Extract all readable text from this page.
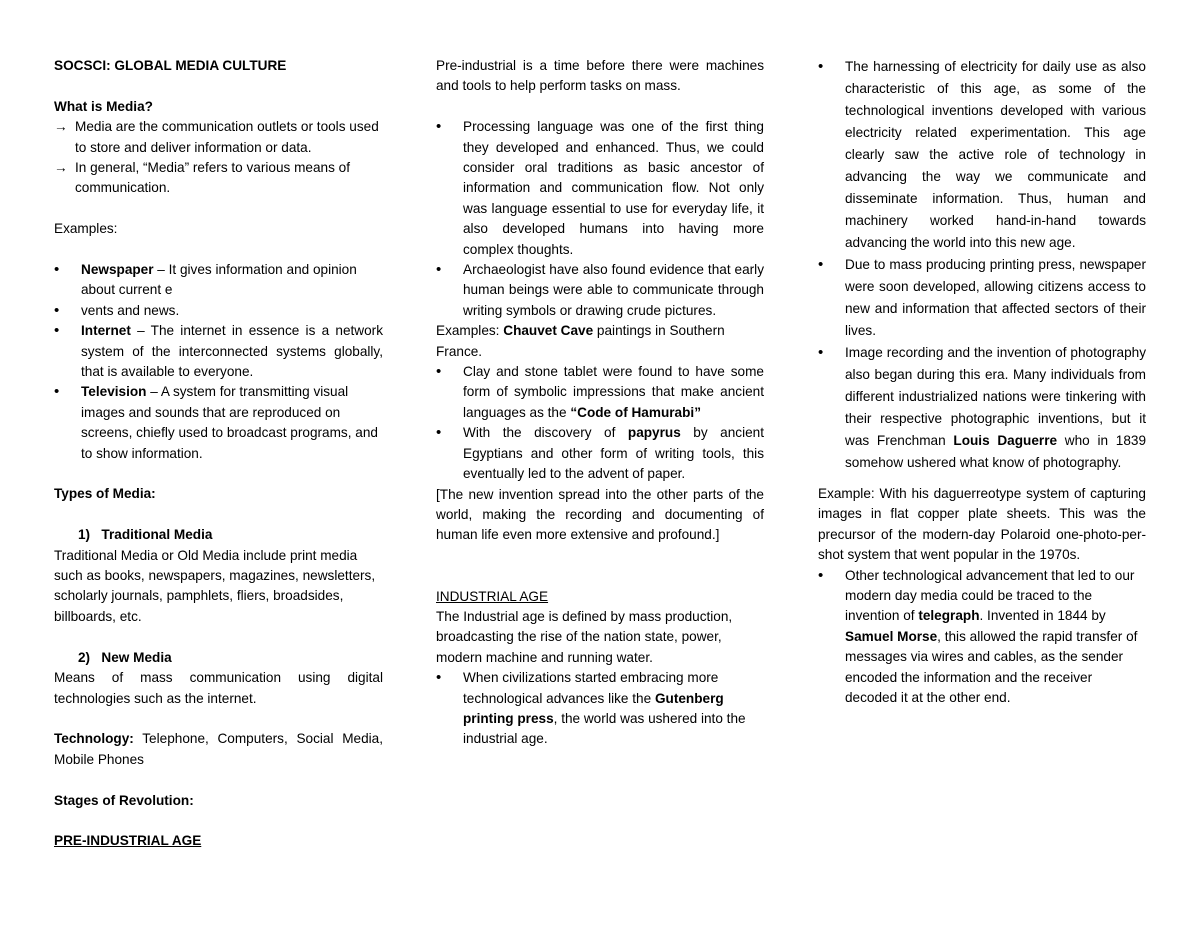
SOCSCI: GLOBAL MEDIA CULTURE

What is Media?

→ Media are the communication outlets or tools used to store and deliver information or data.
→ In general, “Media” refers to various means of communication.

Examples:

• Newspaper – It gives information and opinion about current e
• vents and news.
• Internet – The internet in essence is a network system of the interconnected systems globally, that is available to everyone.
• Television – A system for transmitting visual images and sounds that are reproduced on screens, chiefly used to broadcast programs, and to show information.

Types of Media:

1)   Traditional Media

Traditional Media or Old Media include print media such as books, newspapers, magazines, newsletters, scholarly journals, pamphlets, fliers, broadsides, billboards, etc.

2)   New Media

Means of mass communication using digital technologies such as the internet.

Technology: Telephone, Computers, Social Media, Mobile Phones

Stages of Revolution:

PRE-INDUSTRIAL AGE

Pre-industrial is a time before there were machines and tools to help perform tasks on mass.

• Processing language was one of the first thing they developed and enhanced. Thus, we could consider oral traditions as basic ancestor of information and communication flow. Not only was language essential to use for everyday life, it also developed humans into having more complex thoughts.
• Archaeologist have also found evidence that early human beings were able to communicate through writing symbols or drawing crude pictures.

Examples: Chauvet Cave paintings in Southern France.

• Clay and stone tablet were found to have some form of symbolic impressions that make ancient languages as the “Code of Hamurabi”
• With the discovery of papyrus by ancient Egyptians and other form of writing tools, this eventually led to the advent of paper.

[The new invention spread into the other parts of the world, making the recording and documenting of human life even more extensive and profound.]

INDUSTRIAL AGE

The Industrial age is defined by mass production, broadcasting the rise of the nation state, power, modern machine and running water.

• When civilizations started embracing more technological advances like the Gutenberg printing press, the world was ushered into the industrial age.
• The harnessing of electricity for daily use as also characteristic of this age, as some of the technological inventions developed with various electricity related experimentation. This age clearly saw the active role of technology in advancing the way we communicate and disseminate information. Thus, human and machinery worked hand-in-hand towards advancing the world into this new age.
• Due to mass producing printing press, newspaper were soon developed, allowing citizens access to new and information that affected sectors of their lives.
• Image recording and the invention of photography also began during this era. Many individuals from different industrialized nations were tinkering with their respective photographic inventions, but it was Frenchman Louis Daguerre who in 1839 somehow ushered what know of photography.

Example: With his daguerreotype system of capturing images in flat copper plate sheets. This was the precursor of the modern-day Polaroid one-photo-per-shot system that went popular in the 1970s.

• Other technological advancement that led to our modern day media could be traced to the invention of telegraph. Invented in 1844 by Samuel Morse, this allowed the rapid transfer of messages via wires and cables, as the sender encoded the information and the receiver decoded it at the other end.
